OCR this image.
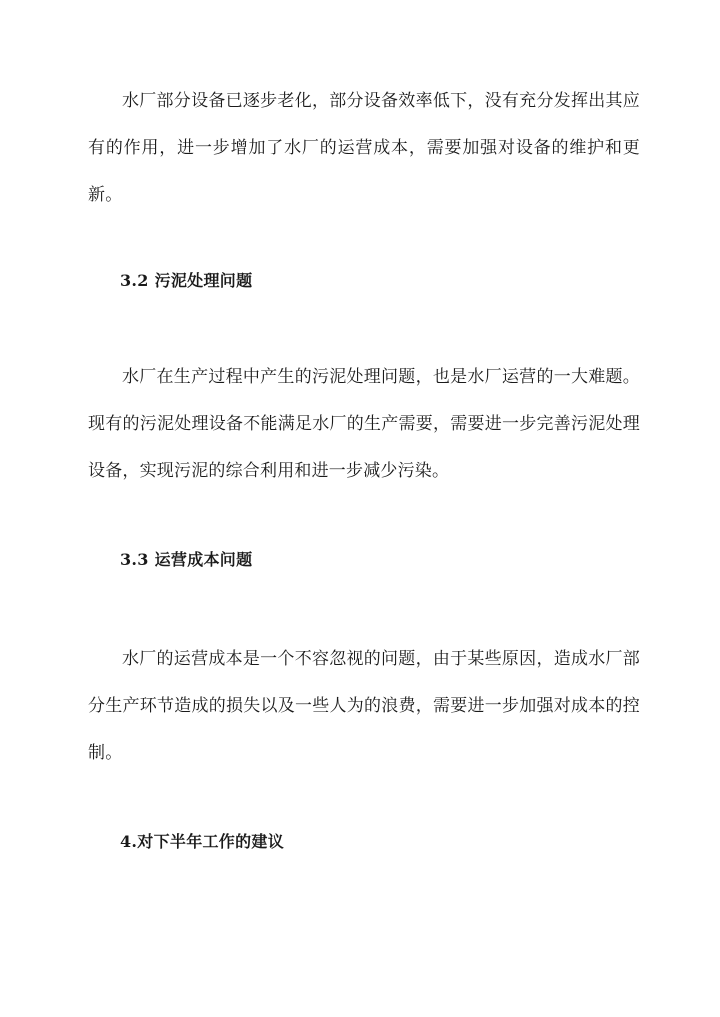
水厂部分设备已逐步老化，部分设备效率低下，没有充分发挥出其应有的作用，进一步增加了水厂的运营成本，需要加强对设备的维护和更新。

3.2 污泥处理问题

水厂在生产过程中产生的污泥处理问题，也是水厂运营的一大难题。现有的污泥处理设备不能满足水厂的生产需要，需要进一步完善污泥处理设备，实现污泥的综合利用和进一步减少污染。

3.3 运营成本问题

水厂的运营成本是一个不容忽视的问题，由于某些原因，造成水厂部分生产环节造成的损失以及一些人为的浪费，需要进一步加强对成本的控制。

4.对下半年工作的建议
